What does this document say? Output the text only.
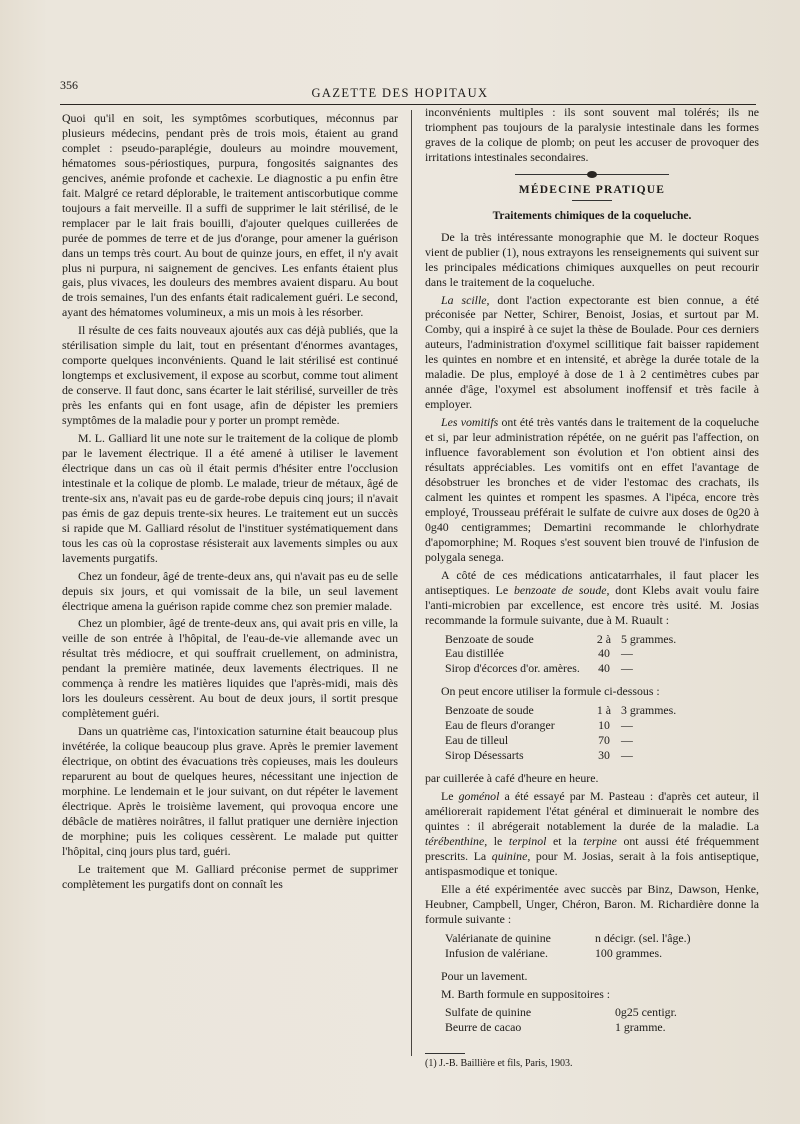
356
GAZETTE DES HOPITAUX

Quoi qu'il en soit, les symptômes scorbutiques, méconnus par plusieurs médecins, pendant près de trois mois, étaient au grand complet : pseudo-paraplégie, douleurs au moindre mouvement, hématomes sous-périostiques, purpura, fongosités saignantes des gencives, anémie profonde et cachexie. Le diagnostic a pu enfin être fait. Malgré ce retard déplorable, le traitement antiscorbutique comme toujours a fait merveille. Il a suffi de supprimer le lait stérilisé, de le remplacer par le lait frais bouilli, d'ajouter quelques cuillerées de purée de pommes de terre et de jus d'orange, pour amener la guérison dans un temps très court. Au bout de quinze jours, en effet, il n'y avait plus ni purpura, ni saignement de gencives. Les enfants étaient plus gais, plus vivaces, les douleurs des membres avaient disparu. Au bout de trois semaines, l'un des enfants était radicalement guéri. Le second, ayant des hématomes volumineux, a mis un mois à les résorber.

Il résulte de ces faits nouveaux ajoutés aux cas déjà publiés, que la stérilisation simple du lait, tout en présentant d'énormes avantages, comporte quelques inconvénients. Quand le lait stérilisé est continué longtemps et exclusivement, il expose au scorbut, comme tout aliment de conserve. Il faut donc, sans écarter le lait stérilisé, surveiller de très près les enfants qui en font usage, afin de dépister les premiers symptômes de la maladie pour y porter un prompt remède.

M. L. Galliard lit une note sur le traitement de la colique de plomb par le lavement électrique. Il a été amené à utiliser le lavement électrique dans un cas où il était permis d'hésiter entre l'occlusion intestinale et la colique de plomb. Le malade, trieur de métaux, âgé de trente-six ans, n'avait pas eu de garde-robe depuis cinq jours; il n'avait pas émis de gaz depuis trente-six heures. Le traitement eut un succès si rapide que M. Galliard résolut de l'instituer systématiquement dans tous les cas où la coprostase résisterait aux lavements simples ou aux lavements purgatifs.

Chez un fondeur, âgé de trente-deux ans, qui n'avait pas eu de selle depuis six jours, et qui vomissait de la bile, un seul lavement électrique amena la guérison rapide comme chez son premier malade.

Chez un plombier, âgé de trente-deux ans, qui avait pris en ville, la veille de son entrée à l'hôpital, de l'eau-de-vie allemande avec un résultat très médiocre, et qui souffrait cruellement, on administra, pendant la première matinée, deux lavements électriques. Il ne commença à rendre les matières liquides que l'après-midi, mais dès lors les douleurs cessèrent. Au bout de deux jours, il sortit presque complètement guéri.

Dans un quatrième cas, l'intoxication saturnine était beaucoup plus invétérée, la colique beaucoup plus grave. Après le premier lavement électrique, on obtint des évacuations très copieuses, mais les douleurs reparurent au bout de quelques heures, nécessitant une injection de morphine. Le lendemain et le jour suivant, on dut répéter le lavement électrique. Après le troisième lavement, qui provoqua encore une débâcle de matières noirâtres, il fallut pratiquer une dernière injection de morphine; puis les coliques cessèrent. Le malade put quitter l'hôpital, cinq jours plus tard, guéri.

Le traitement que M. Galliard préconise permet de supprimer complètement les purgatifs dont on connaît les

inconvénients multiples : ils sont souvent mal tolérés; ils ne triomphent pas toujours de la paralysie intestinale dans les formes graves de la colique de plomb; on peut les accuser de provoquer des irritations intestinales secondaires.

MÉDECINE PRATIQUE
Traitements chimiques de la coqueluche.

De la très intéressante monographie que M. le docteur Roques vient de publier (1), nous extrayons les renseignements qui suivent sur les principales médications chimiques auxquelles on peut recourir dans le traitement de la coqueluche.

La scille, dont l'action expectorante est bien connue, a été préconisée par Netter, Schirer, Benoist, Josias, et surtout par M. Comby, qui a inspiré à ce sujet la thèse de Boulade. Pour ces derniers auteurs, l'administration d'oxymel scillitique fait baisser rapidement les quintes en nombre et en intensité, et abrège la durée totale de la maladie. De plus, employé à dose de 1 à 2 centimètres cubes par année d'âge, l'oxymel est absolument inoffensif et très facile à employer.

Les vomitifs ont été très vantés dans le traitement de la coqueluche et si, par leur administration répétée, on ne guérit pas l'affection, on influence favorablement son évolution et l'on obtient ainsi des résultats appréciables. Les vomitifs ont en effet l'avantage de désobstruer les bronches et de vider l'estomac des crachats, ils calment les quintes et rompent les spasmes. A l'ipéca, encore très employé, Trousseau préférait le sulfate de cuivre aux doses de 0g20 à 0g40 centigrammes; Demartini recommande le chlorhydrate d'apomorphine; M. Roques s'est souvent bien trouvé de l'infusion de polygala senega.

A côté de ces médications anticatarrhales, il faut placer les antiseptiques. Le benzoate de soude, dont Klebs avait voulu faire l'anti-microbien par excellence, est encore très usité. M. Josias recommande la formule suivante, due à M. Ruault :

Benzoate de soude	2 à 5 grammes.
Eau distillée	40 —
Sirop d'écorces d'or. amères.	40 —

On peut encore utiliser la formule ci-dessous :

Benzoate de soude	1 à 3 grammes.
Eau de fleurs d'oranger	10 —
Eau de tilleul	70 —
Sirop Désessarts	30 —

par cuillerée à café d'heure en heure.

Le goménol a été essayé par M. Pasteau : d'après cet auteur, il améliorerait rapidement l'état général et diminuerait le nombre des quintes : il abrégerait notablement la durée de la maladie. La térébenthine, le terpinol et la terpine ont aussi été fréquemment prescrits. La quinine, pour M. Josias, serait à la fois antiseptique, antispasmodique et tonique.

Elle a été expérimentée avec succès par Binz, Dawson, Henke, Heubner, Campbell, Unger, Chéron, Baron. M. Richardière donne la formule suivante :

Valérianate de quinine	n décigr. (sel. l'âge.)
Infusion de valériane.	100 grammes.

Pour un lavement.

M. Barth formule en suppositoires :

Sulfate de quinine	0g25 centigr.
Beurre de cacao	1 gramme.
(1) J.-B. Baillière et fils, Paris, 1903.
